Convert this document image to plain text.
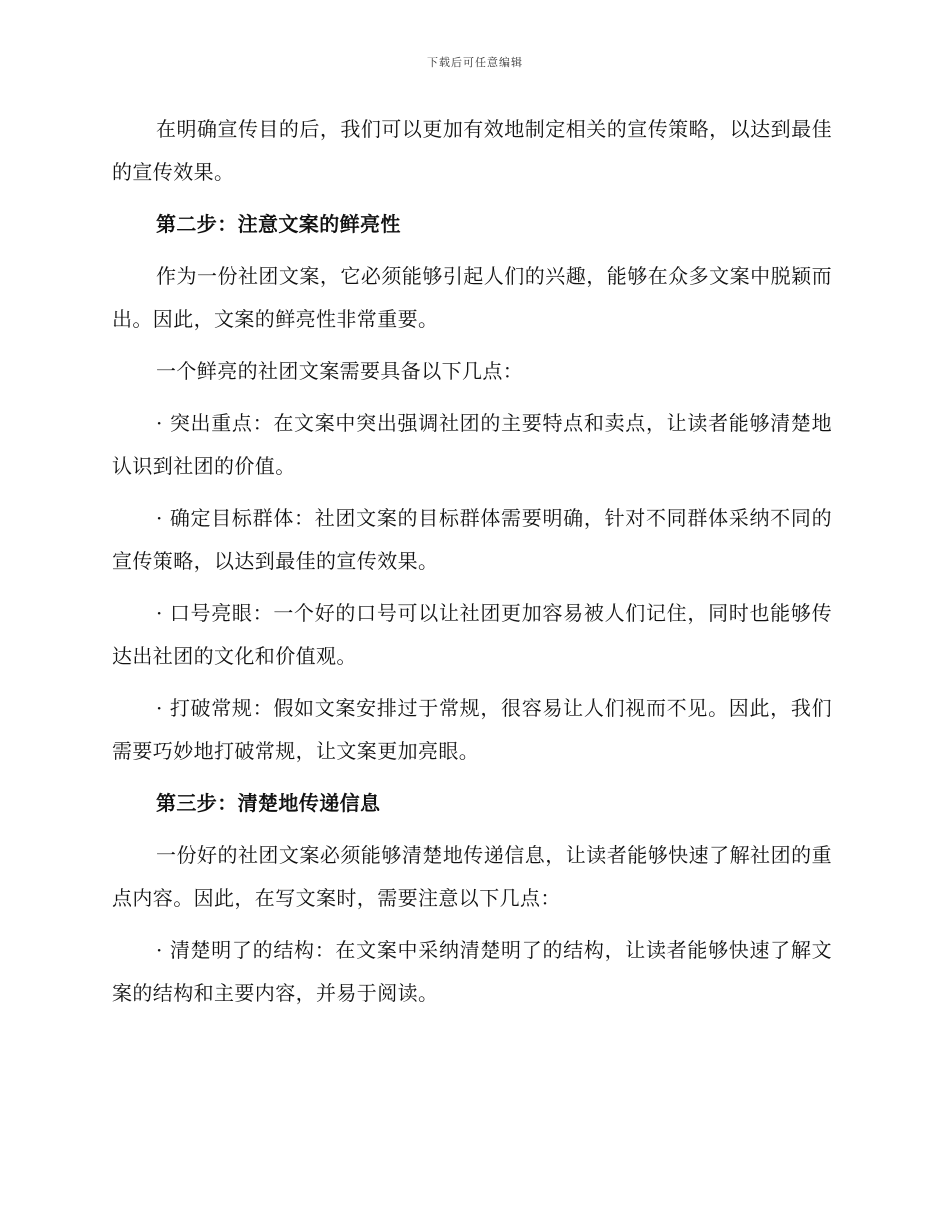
下载后可任意编辑

在明确宣传目的后，我们可以更加有效地制定相关的宣传策略，以达到最佳的宣传效果。

第二步：注意文案的鲜亮性

作为一份社团文案，它必须能够引起人们的兴趣，能够在众多文案中脱颖而出。因此，文案的鲜亮性非常重要。

一个鲜亮的社团文案需要具备以下几点：

· 突出重点：在文案中突出强调社团的主要特点和卖点，让读者能够清楚地认识到社团的价值。

· 确定目标群体：社团文案的目标群体需要明确，针对不同群体采纳不同的宣传策略，以达到最佳的宣传效果。

· 口号亮眼：一个好的口号可以让社团更加容易被人们记住，同时也能够传达出社团的文化和价值观。

· 打破常规：假如文案安排过于常规，很容易让人们视而不见。因此，我们需要巧妙地打破常规，让文案更加亮眼。

第三步：清楚地传递信息

一份好的社团文案必须能够清楚地传递信息，让读者能够快速了解社团的重点内容。因此，在写文案时，需要注意以下几点：

· 清楚明了的结构：在文案中采纳清楚明了的结构，让读者能够快速了解文案的结构和主要内容，并易于阅读。
